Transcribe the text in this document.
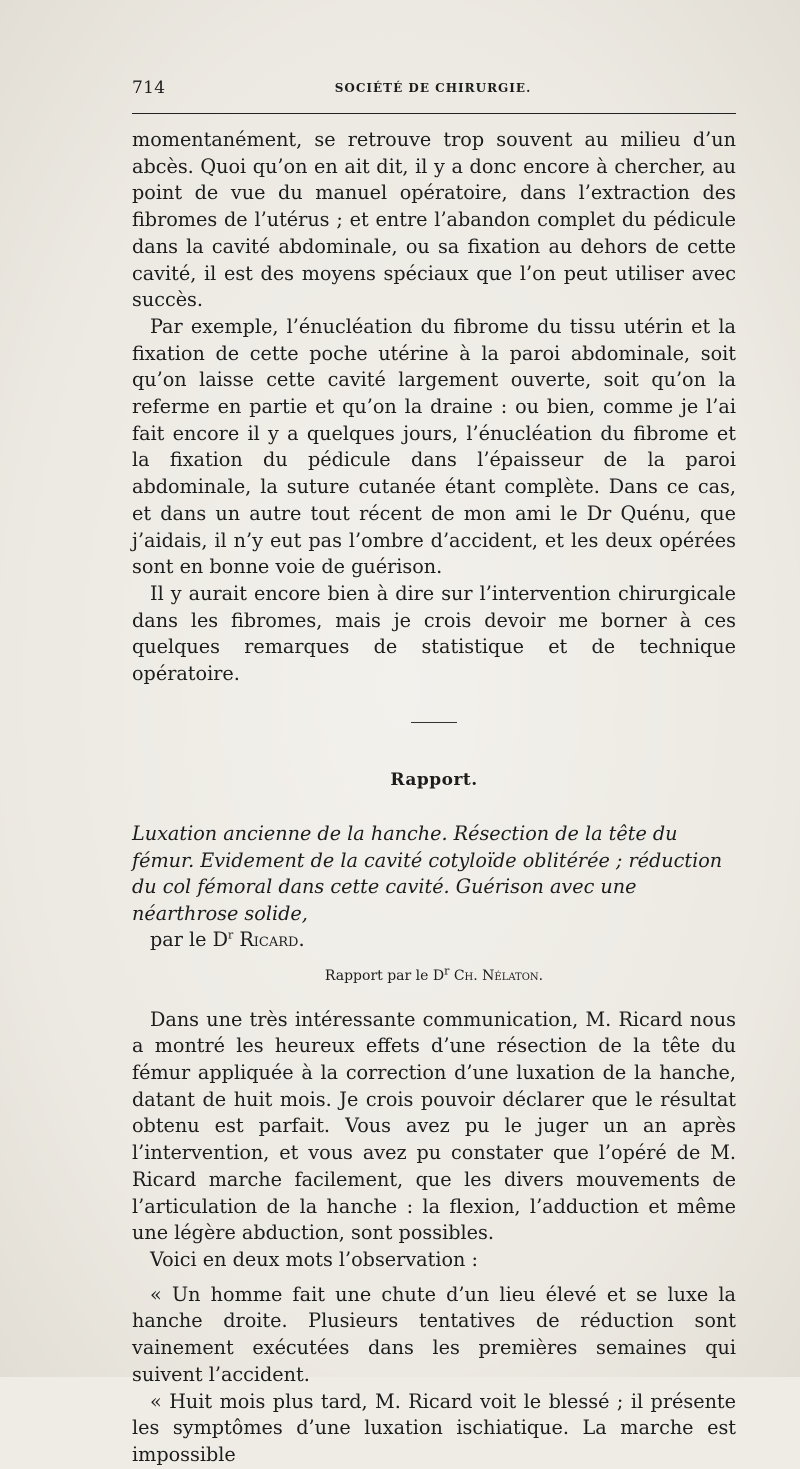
714	SOCIÉTÉ DE CHIRURGIE.

momentanément, se retrouve trop souvent au milieu d’un abcès. Quoi qu’on en ait dit, il y a donc encore à chercher, au point de vue du manuel opératoire, dans l’extraction des fibromes de l’utérus ; et entre l’abandon complet du pédicule dans la cavité abdominale, ou sa fixation au dehors de cette cavité, il est des moyens spéciaux que l’on peut utiliser avec succès.

Par exemple, l’énucléation du fibrome du tissu utérin et la fixation de cette poche utérine à la paroi abdominale, soit qu’on laisse cette cavité largement ouverte, soit qu’on la referme en partie et qu’on la draine : ou bien, comme je l’ai fait encore il y a quelques jours, l’énucléation du fibrome et la fixation du pédicule dans l’épaisseur de la paroi abdominale, la suture cutanée étant complète. Dans ce cas, et dans un autre tout récent de mon ami le Dr Quénu, que j’aidais, il n’y eut pas l’ombre d’accident, et les deux opérées sont en bonne voie de guérison.

Il y aurait encore bien à dire sur l’intervention chirurgicale dans les fibromes, mais je crois devoir me borner à ces quelques remarques de statistique et de technique opératoire.

Rapport.
Luxation ancienne de la hanche. Résection de la tête du fémur. Evidement de la cavité cotyloïde oblitérée ; réduction du col fémoral dans cette cavité. Guérison avec une néarthrose solide,
par le $D^r$ Ricard.
Rapport par le $D^r$ Ch. Nélaton.

Dans une très intéressante communication, M. Ricard nous a montré les heureux effets d’une résection de la tête du fémur appliquée à la correction d’une luxation de la hanche, datant de huit mois. Je crois pouvoir déclarer que le résultat obtenu est parfait. Vous avez pu le juger un an après l’intervention, et vous avez pu constater que l’opéré de M. Ricard marche facilement, que les divers mouvements de l’articulation de la hanche : la flexion, l’adduction et même une légère abduction, sont possibles.

Voici en deux mots l’observation :

« Un homme fait une chute d’un lieu élevé et se luxe la hanche droite. Plusieurs tentatives de réduction sont vainement exécutées dans les premières semaines qui suivent l’accident.

« Huit mois plus tard, M. Ricard voit le blessé ; il présente les symptômes d’une luxation ischiatique. La marche est impossible
